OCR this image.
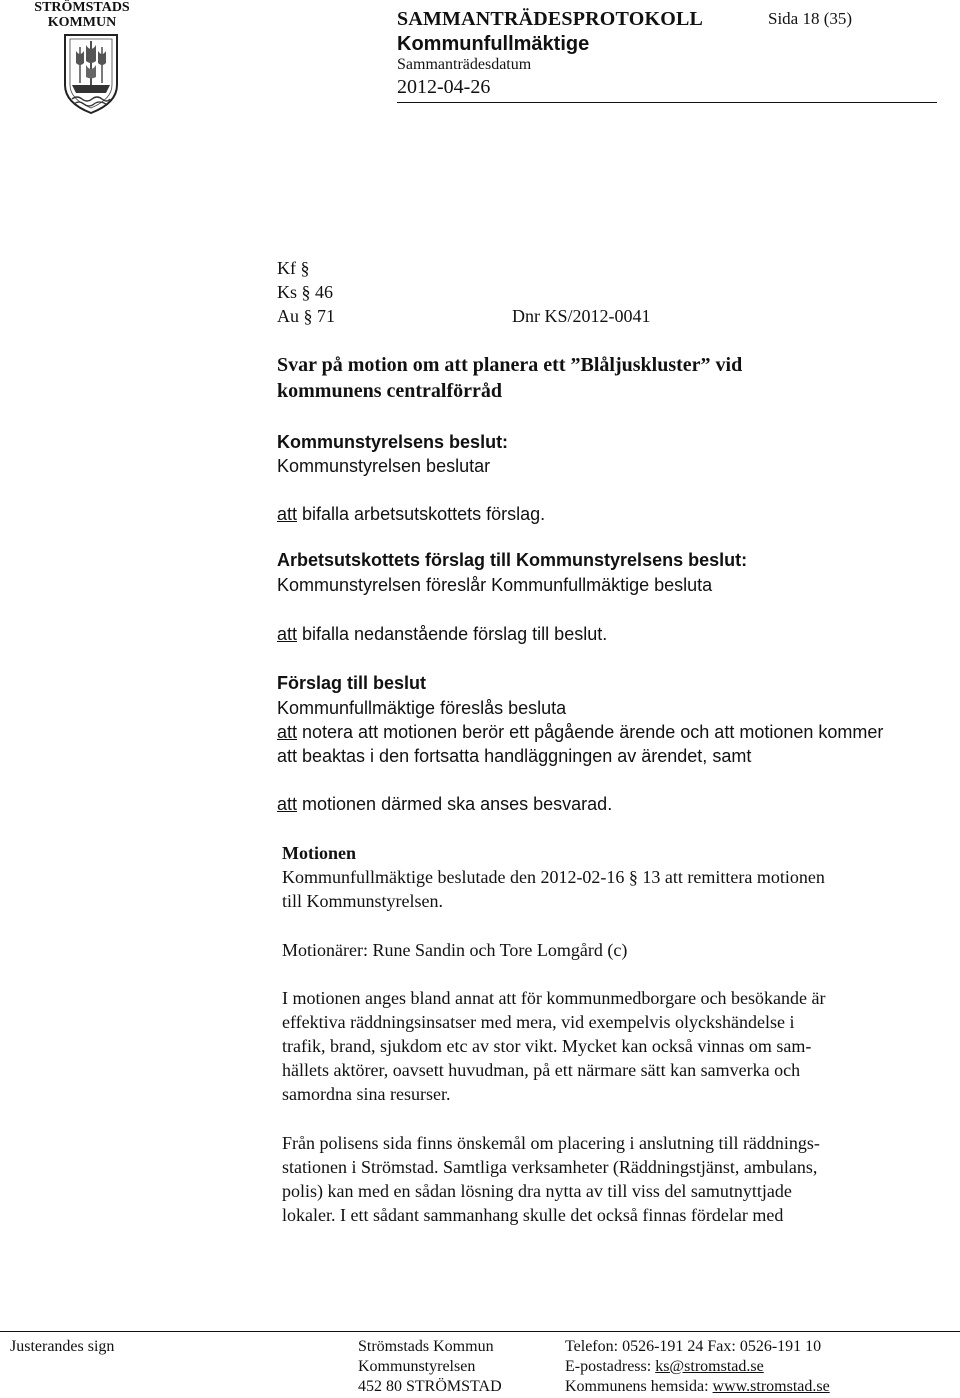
STRÖMSTADS
KOMMUN	SAMMANTRÄDESPROTOKOLL	Sida 18 (35)
Kommunfullmäktige
Sammanträdesdatum
2012-04-26
Kf §
Ks § 46
Au § 71	Dnr KS/2012-0041
Svar på motion om att planera ett ”Blåljuskluster” vid
kommunens centralförråd
Kommunstyrelsens beslut:
Kommunstyrelsen beslutar
att bifalla arbetsutskottets förslag.
Arbetsutskottets förslag till Kommunstyrelsens beslut:
Kommunstyrelsen föreslår Kommunfullmäktige besluta
att bifalla nedanstående förslag till beslut.
Förslag till beslut
Kommunfullmäktige föreslås besluta
att notera att motionen berör ett pågående ärende och att motionen kommer
att beaktas i den fortsatta handläggningen av ärendet, samt
att motionen därmed ska anses besvarad.
Motionen
Kommunfullmäktige beslutade den 2012-02-16 § 13 att remittera motionen
till Kommunstyrelsen.
Motionärer: Rune Sandin och Tore Lomgård (c)
I motionen anges bland annat att för kommunmedborgare och besökande är
effektiva räddningsinsatser med mera, vid exempelvis olyckshändelse i
trafik, brand, sjukdom etc av stor vikt. Mycket kan också vinnas om sam-
hällets aktörer, oavsett huvudman, på ett närmare sätt kan samverka och
samordna sina resurser.
Från polisens sida finns önskemål om placering i anslutning till räddnings-
stationen i Strömstad. Samtliga verksamheter (Räddningstjänst, ambulans,
polis) kan med en sådan lösning dra nytta av till viss del samutnyttjade
lokaler. I ett sådant sammanhang skulle det också finnas fördelar med
Justerandes sign	Strömstads Kommun
Kommunstyrelsen
452 80 STRÖMSTAD
Telefon: 0526-191 24 Fax: 0526-191 10
E-postadress: ks@stromstad.se
Kommunens hemsida: www.stromstad.se
